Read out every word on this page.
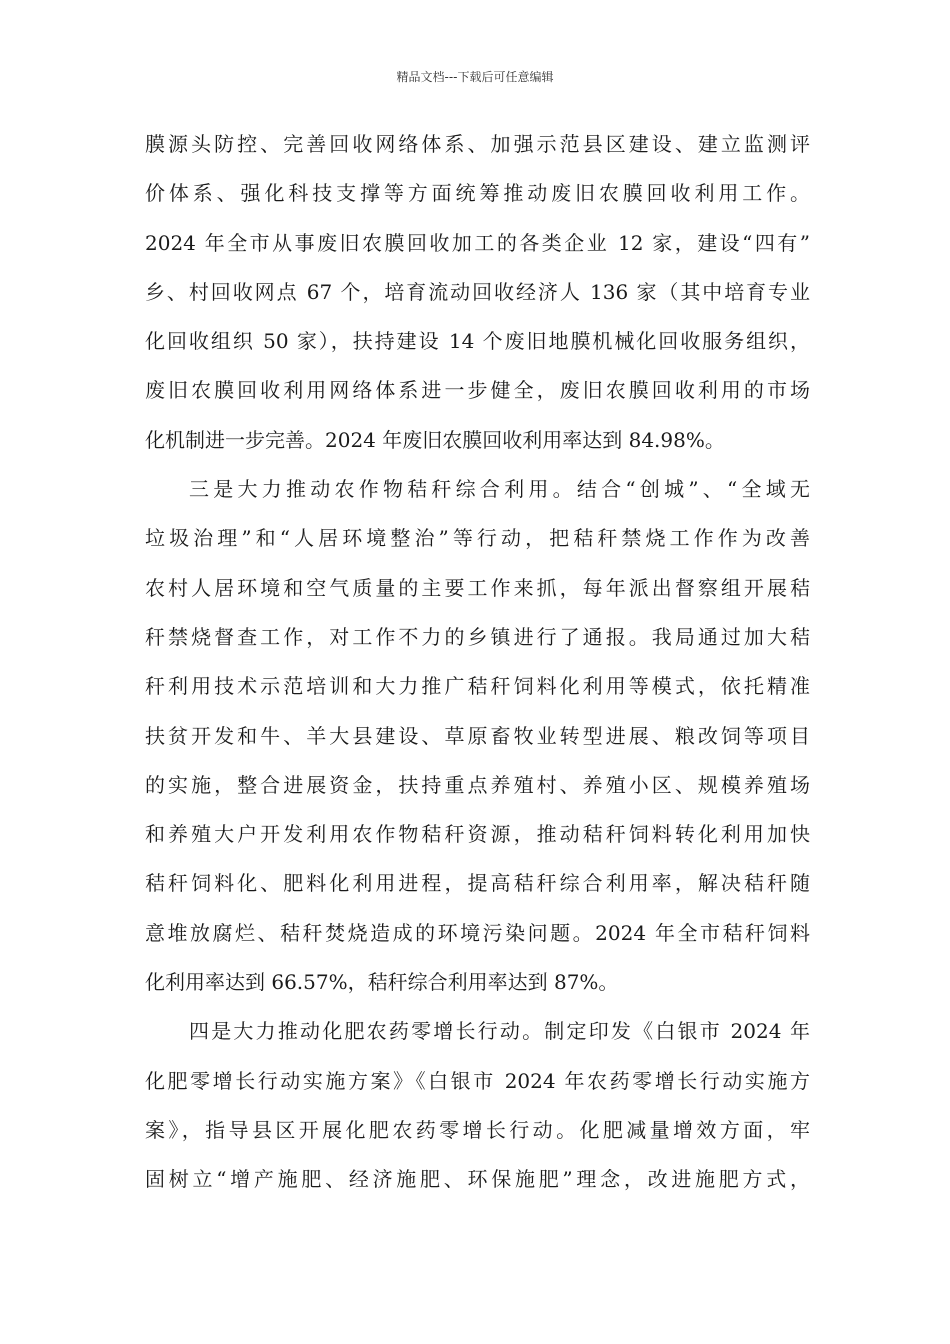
精品文档---下载后可任意编辑
膜源头防控、完善回收网络体系、加强示范县区建设、建立监测评
价体系、强化科技支撑等方面统筹推动废旧农膜回收利用工作。
2024 年全市从事废旧农膜回收加工的各类企业 12 家，建设“四有”
乡、村回收网点 67 个，培育流动回收经济人 136 家（其中培育专业
化回收组织 50 家），扶持建设 14 个废旧地膜机械化回收服务组织，
废旧农膜回收利用网络体系进一步健全，废旧农膜回收利用的市场
化机制进一步完善。2024 年废旧农膜回收利用率达到 84.98%。
三是大力推动农作物秸秆综合利用。结合“创城”、“全域无
垃圾治理”和“人居环境整治”等行动，把秸秆禁烧工作作为改善
农村人居环境和空气质量的主要工作来抓，每年派出督察组开展秸
秆禁烧督查工作，对工作不力的乡镇进行了通报。我局通过加大秸
秆利用技术示范培训和大力推广秸秆饲料化利用等模式，依托精准
扶贫开发和牛、羊大县建设、草原畜牧业转型进展、粮改饲等项目
的实施，整合进展资金，扶持重点养殖村、养殖小区、规模养殖场
和养殖大户开发利用农作物秸秆资源，推动秸秆饲料转化利用加快
秸秆饲料化、肥料化利用进程，提高秸秆综合利用率，解决秸秆随
意堆放腐烂、秸秆焚烧造成的环境污染问题。2024 年全市秸秆饲料
化利用率达到 66.57%，秸秆综合利用率达到 87%。
四是大力推动化肥农药零增长行动。制定印发《白银市 2024 年
化肥零增长行动实施方案》《白银市 2024 年农药零增长行动实施方
案》，指导县区开展化肥农药零增长行动。化肥减量增效方面，牢
固树立“增产施肥、经济施肥、环保施肥”理念，改进施肥方式，
